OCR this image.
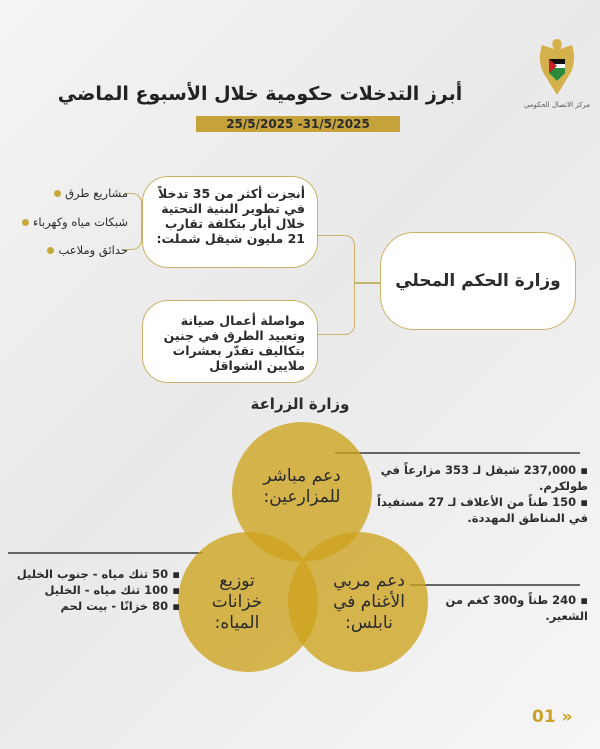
مركز الاتصال الحكومي
أبرز التدخلات حكومية خلال الأسبوع الماضي
25/5/2025 -31/5/2025
أنجزت أكثر من 35 تدخلاً في تطوير البنية التحتية خلال أيار بتكلفة تقارب 21 مليون شيقل شملت:
مواصلة أعمال صيانة وتعبيد الطرق في جنين بتكاليف تقدّر بعشرات ملايين الشواقل
وزارة الحكم المحلي
مشاريع طرق
شبكات مياه وكهرباء
حدائق وملاعب
وزارة الزراعة
دعم مباشر للمزارعين:
توزيع خزانات المياه:
دعم مربي الأغنام في نابلس:
▪ 237,000 شيقل لـ 353 مزارعاً في طولكرم.
▪ 150 طناً من الأعلاف لـ 27 مستفيداً في المناطق المهددة.
▪ 50 تنك مياه - جنوب الخليل
▪ 100 تنك مياه - الخليل
▪ 80 خزانًا - بيت لحم	▪ 240 طناً و300 كغم من الشعير.
01 »
